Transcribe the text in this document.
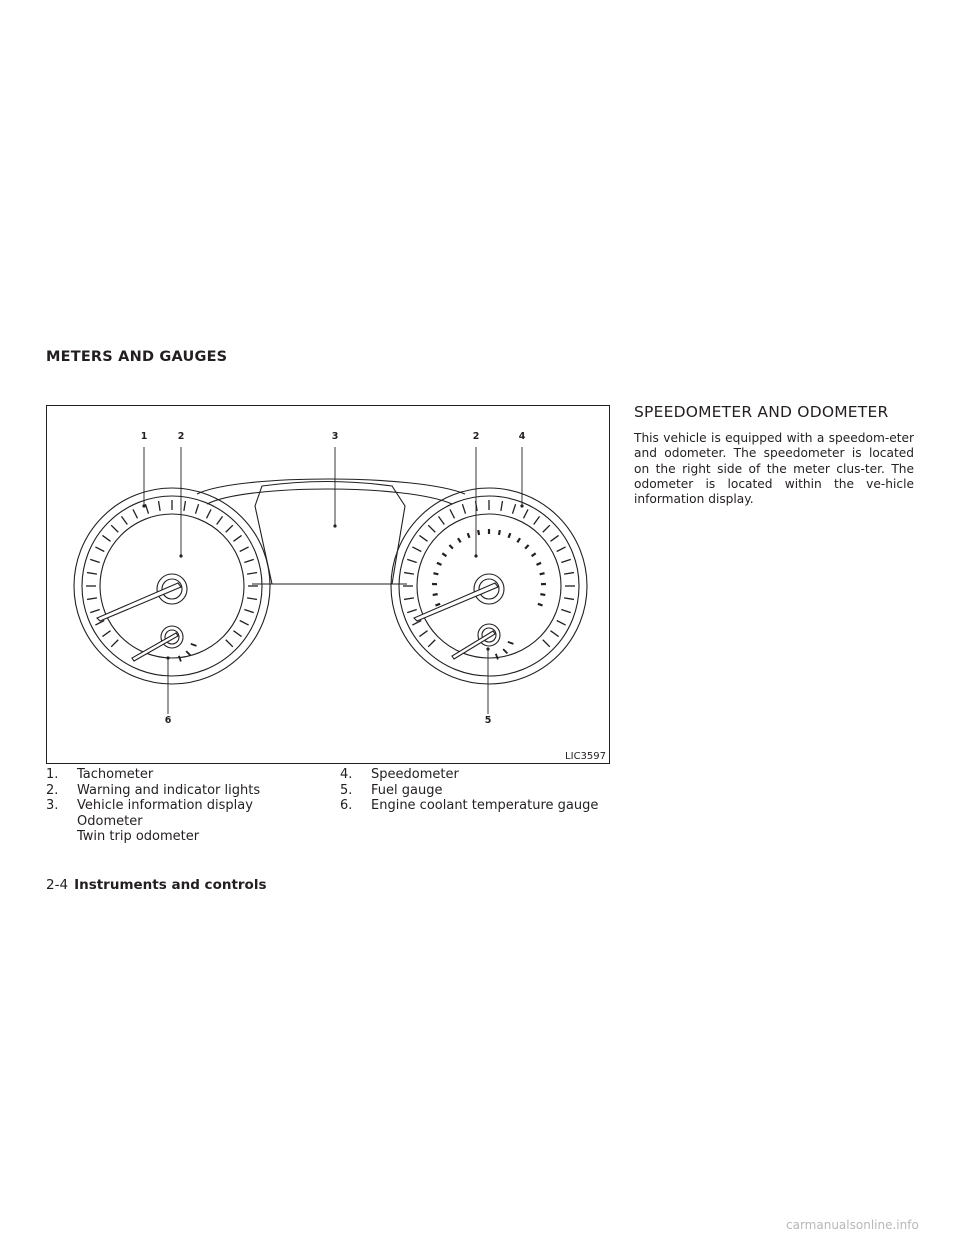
METERS AND GAUGES
1	2	3	2	4
6	5
LIC3597
1. Tachometer
2. Warning and indicator lights
3. Vehicle information display
Odometer
Twin trip odometer
4. Speedometer
5. Fuel gauge
6. Engine coolant temperature gauge
SPEEDOMETER AND ODOMETER

This vehicle is equipped with a speedom-eter and odometer. The speedometer is located on the right side of the meter clus-ter. The odometer is located within the ve-hicle information display.

2-4 Instruments and controls
carmanualsonline.info
